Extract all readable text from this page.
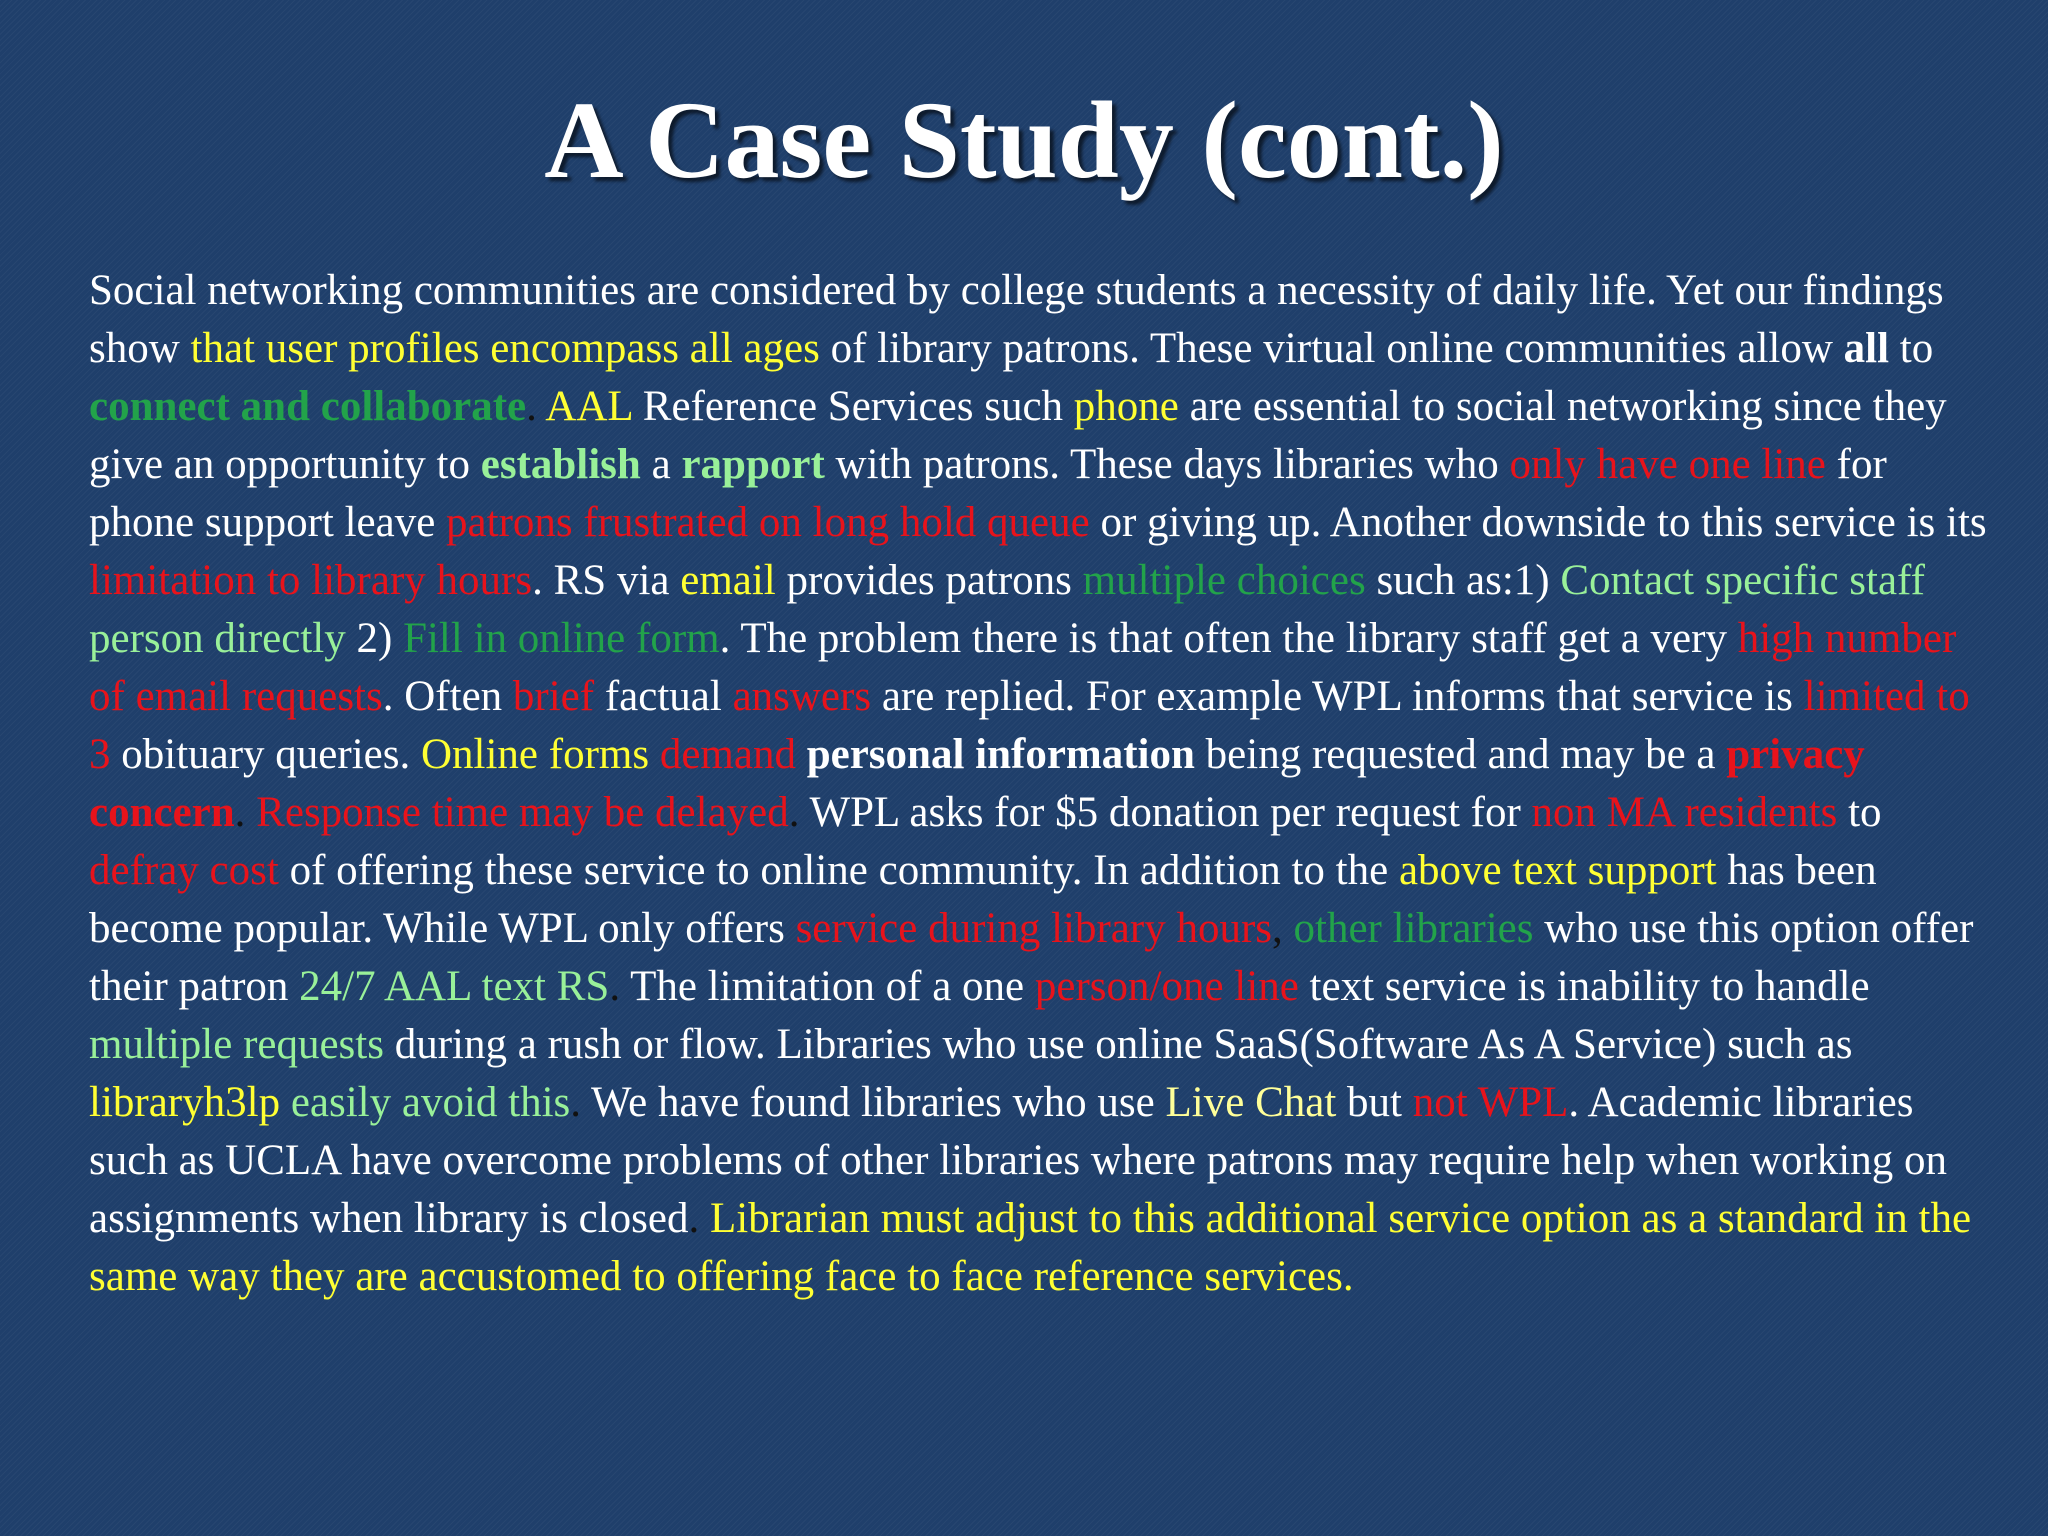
A Case Study (cont.)

Social networking communities are considered by college students a necessity of daily life. Yet our findings show that user profiles encompass all ages of library patrons. These virtual online communities allow all to connect and collaborate. AAL Reference Services such phone are essential to social networking since they give an opportunity to establish a rapport with patrons. These days libraries who only have one line for phone support leave patrons frustrated on long hold queue or giving up. Another downside to this service is its limitation to library hours. RS via email provides patrons multiple choices such as:1) Contact specific staff person directly 2) Fill in online form. The problem there is that often the library staff get a very high number of email requests. Often brief factual answers are replied. For example WPL informs that service is limited to 3 obituary queries. Online forms demand personal information being requested and may be a privacy concern. Response time may be delayed. WPL asks for $5 donation per request for non MA residents to defray cost of offering these service to online community. In addition to the above text support has been become popular. While WPL only offers service during library hours, other libraries who use this option offer their patron 24/7 AAL text RS. The limitation of a one person/one line text service is inability to handle multiple requests during a rush or flow. Libraries who use online SaaS(Software As A Service) such as libraryh3lp easily avoid this. We have found libraries who use Live Chat but not WPL. Academic libraries such as UCLA have overcome problems of other libraries where patrons may require help when working on assignments when library is closed. Librarian must adjust to this additional service option as a standard in the same way they are accustomed to offering face to face reference services.
